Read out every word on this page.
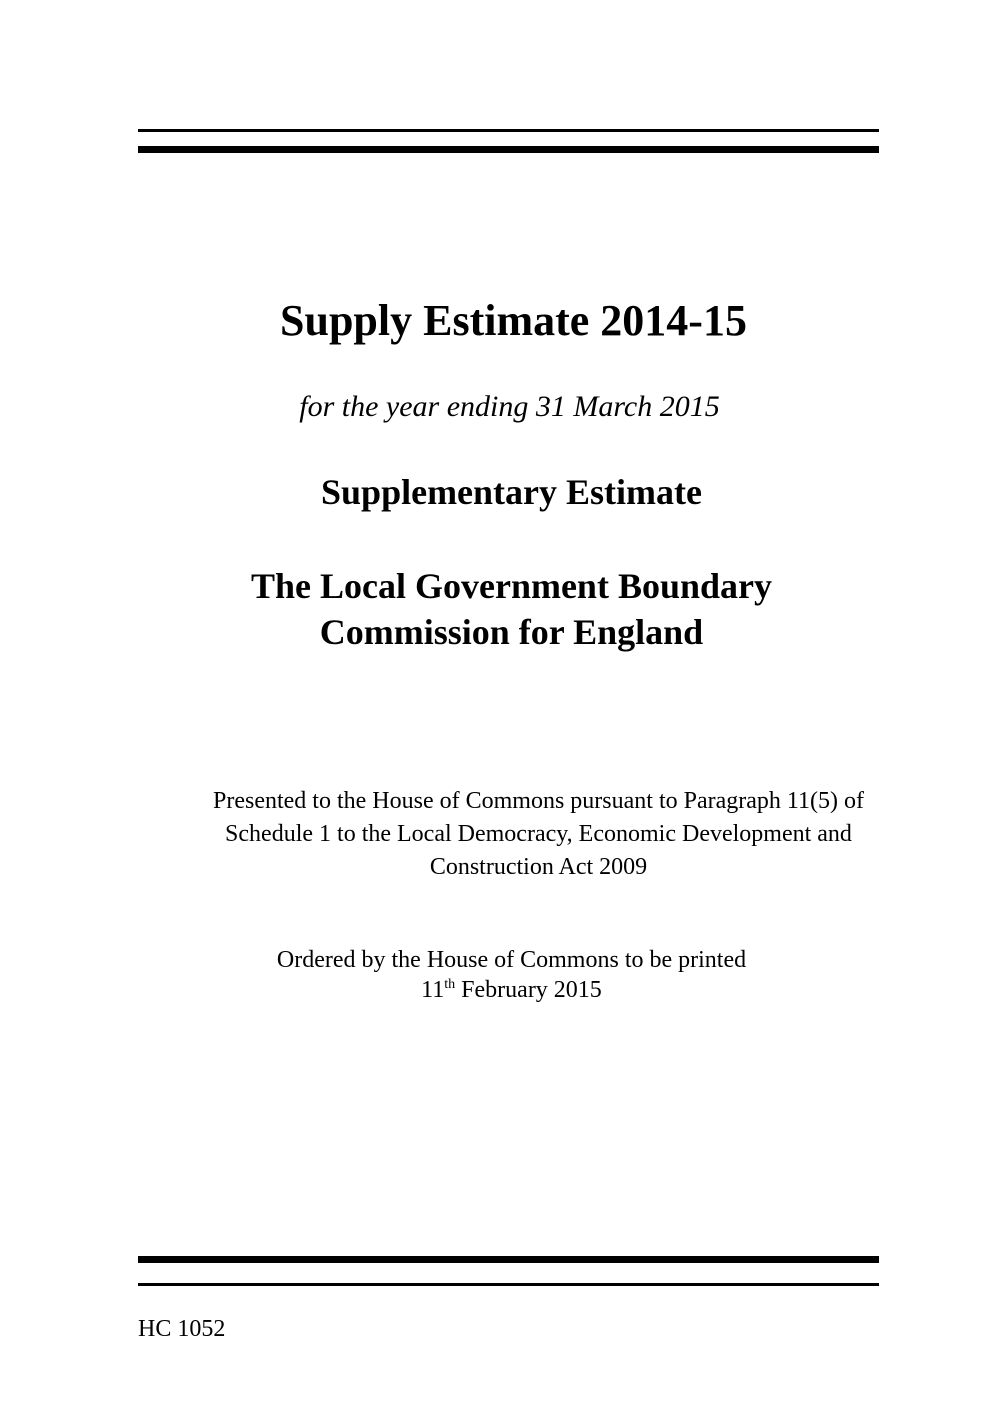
Supply Estimate 2014-15
for the year ending 31 March 2015
Supplementary Estimate
The Local Government Boundary
Commission for England
Presented to the House of Commons pursuant to Paragraph 11(5) of
Schedule 1 to the Local Democracy, Economic Development and
Construction Act 2009
Ordered by the House of Commons to be printed
11th February 2015
HC 1052
